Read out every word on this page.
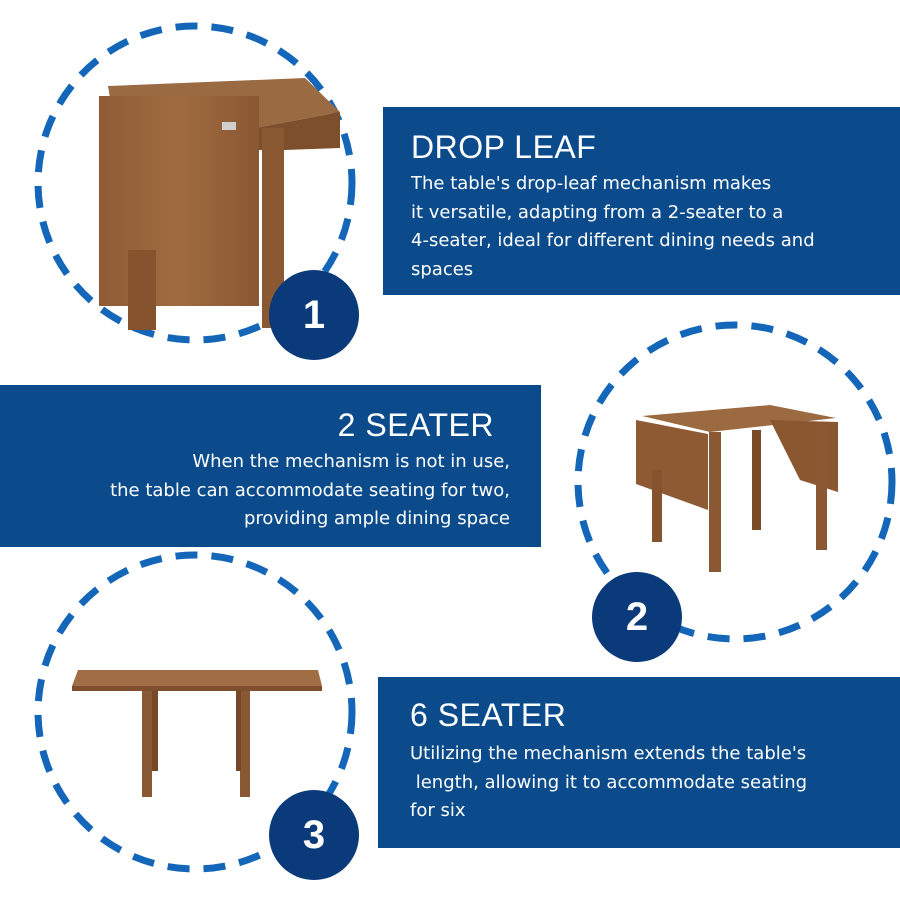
DROP LEAF
The table's drop-leaf mechanism makes
it versatile, adapting from a 2-seater to a
4-seater, ideal for different dining needs and
spaces
2 SEATER
When the mechanism is not in use,
the table can accommodate seating for two,
providing ample dining space
6 SEATER
Utilizing the mechanism extends the table's
length, allowing it to accommodate seating
for six
1
2
3
